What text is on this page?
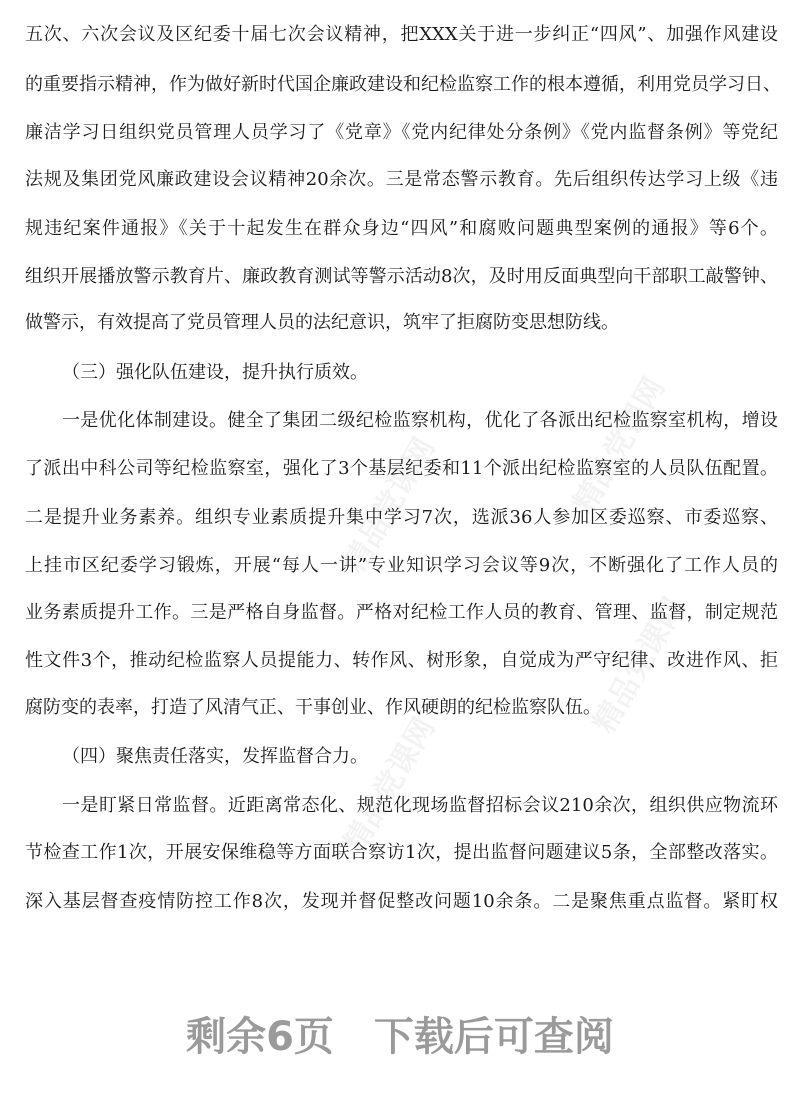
精品党课网	精品党课网
精品党课网
精品党课网
五次、六次会议及区纪委十届七次会议精神，把XXX关于进一步纠正“四风”、加强作风建设
的重要指示精神，作为做好新时代国企廉政建设和纪检监察工作的根本遵循，利用党员学习日、
廉洁学习日组织党员管理人员学习了《党章》《党内纪律处分条例》《党内监督条例》等党纪
法规及集团党风廉政建设会议精神20余次。三是常态警示教育。先后组织传达学习上级《违
规违纪案件通报》《关于十起发生在群众身边“四风”和腐败问题典型案例的通报》等6个。
组织开展播放警示教育片、廉政教育测试等警示活动8次，及时用反面典型向干部职工敲警钟、
做警示，有效提高了党员管理人员的法纪意识，筑牢了拒腐防变思想防线。
（三）强化队伍建设，提升执行质效。
一是优化体制建设。健全了集团二级纪检监察机构，优化了各派出纪检监察室机构，增设
了派出中科公司等纪检监察室，强化了3个基层纪委和11个派出纪检监察室的人员队伍配置。
二是提升业务素养。组织专业素质提升集中学习7次，选派36人参加区委巡察、市委巡察、
上挂市区纪委学习锻炼，开展“每人一讲”专业知识学习会议等9次，不断强化了工作人员的
业务素质提升工作。三是严格自身监督。严格对纪检工作人员的教育、管理、监督，制定规范
性文件3个，推动纪检监察人员提能力、转作风、树形象，自觉成为严守纪律、改进作风、拒
腐防变的表率，打造了风清气正、干事创业、作风硬朗的纪检监察队伍。
（四）聚焦责任落实，发挥监督合力。
一是盯紧日常监督。近距离常态化、规范化现场监督招标会议210余次，组织供应物流环
节检查工作1次，开展安保维稳等方面联合察访1次，提出监督问题建议5条，全部整改落实。
深入基层督查疫情防控工作8次，发现并督促整改问题10余条。二是聚焦重点监督。紧盯权
剩余6页 下载后可查阅
